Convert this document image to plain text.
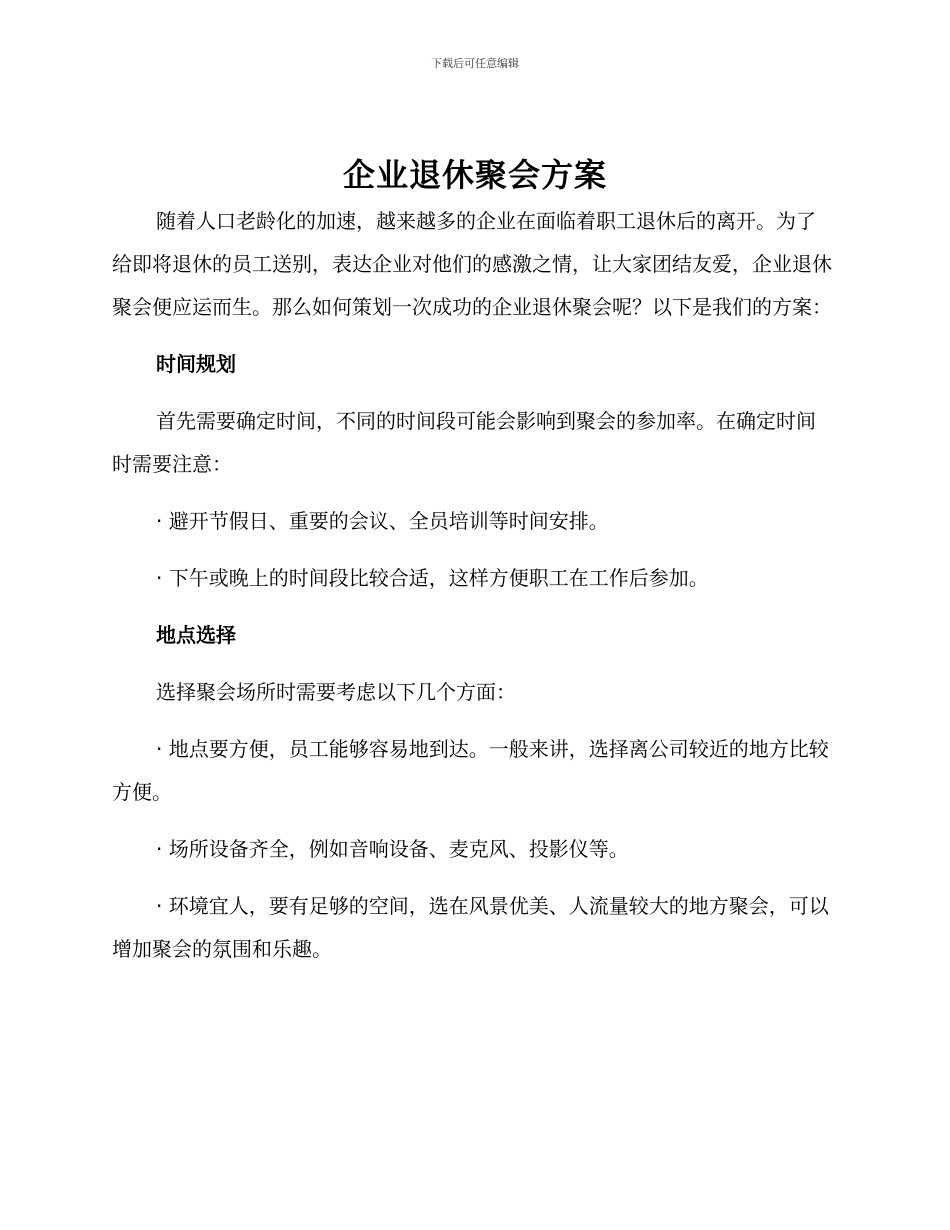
下载后可任意编辑
企业退休聚会方案

随着人口老龄化的加速，越来越多的企业在面临着职工退休后的离开。为了给即将退休的员工送别，表达企业对他们的感激之情，让大家团结友爱，企业退休聚会便应运而生。那么如何策划一次成功的企业退休聚会呢？以下是我们的方案：

时间规划

首先需要确定时间，不同的时间段可能会影响到聚会的参加率。在确定时间时需要注意：

· 避开节假日、重要的会议、全员培训等时间安排。

· 下午或晚上的时间段比较合适，这样方便职工在工作后参加。

地点选择

选择聚会场所时需要考虑以下几个方面：

· 地点要方便，员工能够容易地到达。一般来讲，选择离公司较近的地方比较方便。

· 场所设备齐全，例如音响设备、麦克风、投影仪等。

· 环境宜人，要有足够的空间，选在风景优美、人流量较大的地方聚会，可以增加聚会的氛围和乐趣。
